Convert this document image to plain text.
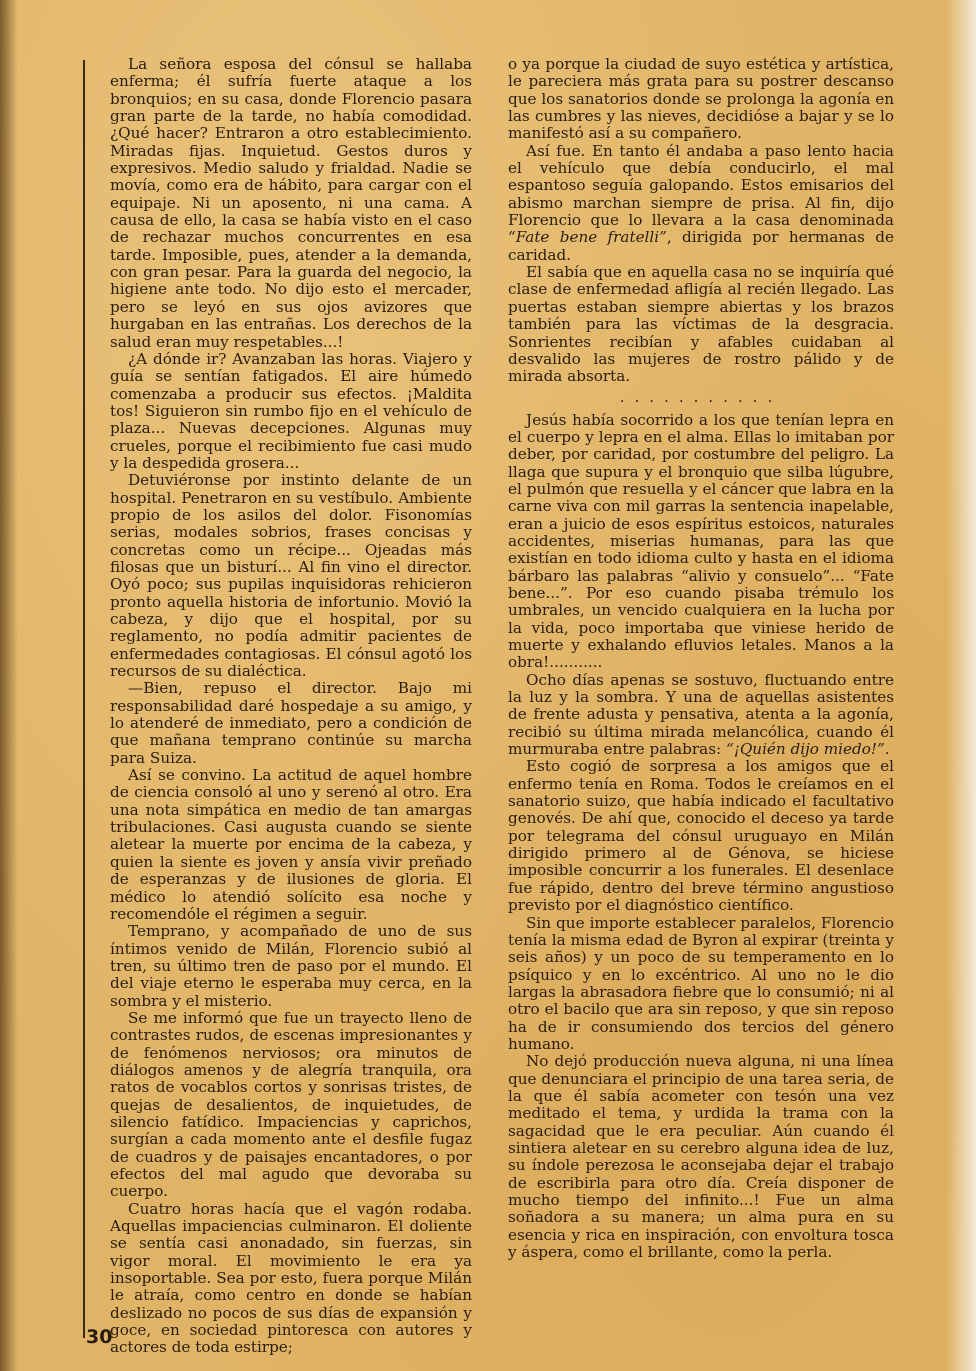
La señora esposa del cónsul se hallaba enferma; él sufría fuerte ataque a los bronquios; en su casa, donde Florencio pasara gran parte de la tarde, no había comodidad. ¿Qué hacer? Entraron a otro establecimiento. Miradas fijas. Inquietud. Gestos duros y expresivos. Medio saludo y frialdad. Nadie se movía, como era de hábito, para cargar con el equipaje. Ni un aposento, ni una cama. A causa de ello, la casa se había visto en el caso de rechazar muchos concurrentes en esa tarde. Imposible, pues, atender a la demanda, con gran pesar. Para la guarda del negocio, la higiene ante todo. No dijo esto el mercader, pero se leyó en sus ojos avizores que hurgaban en las entrañas. Los derechos de la salud eran muy respetables...!

¿A dónde ir? Avanzaban las horas. Viajero y guía se sentían fatigados. El aire húmedo comenzaba a producir sus efectos. ¡Maldita tos! Siguieron sin rumbo fijo en el vehículo de plaza... Nuevas decepciones. Algunas muy crueles, porque el recibimiento fue casi mudo y la despedida grosera...

Detuviéronse por instinto delante de un hospital. Penetraron en su vestíbulo. Ambiente propio de los asilos del dolor. Fisonomías serias, modales sobrios, frases concisas y concretas como un récipe... Ojeadas más filosas que un bisturí... Al fin vino el director. Oyó poco; sus pupilas inquisidoras rehicieron pronto aquella historia de infortunio. Movió la cabeza, y dijo que el hospital, por su reglamento, no podía admitir pacientes de enfermedades contagiosas. El cónsul agotó los recursos de su dialéctica.

—Bien, repuso el director. Bajo mi responsabilidad daré hospedaje a su amigo, y lo atenderé de inmediato, pero a condición de que mañana temprano continúe su marcha para Suiza.

Así se convino. La actitud de aquel hombre de ciencia consoló al uno y serenó al otro. Era una nota simpática en medio de tan amargas tribulaciones. Casi augusta cuando se siente aletear la muerte por encima de la cabeza, y quien la siente es joven y ansía vivir preñado de esperanzas y de ilusiones de gloria. El médico lo atendió solícito esa noche y recomendóle el régimen a seguir.

Temprano, y acompañado de uno de sus íntimos venido de Milán, Florencio subió al tren, su último tren de paso por el mundo. El del viaje eterno le esperaba muy cerca, en la sombra y el misterio.

Se me informó que fue un trayecto lleno de contrastes rudos, de escenas impresionantes y de fenómenos nerviosos; ora minutos de diálogos amenos y de alegría tranquila, ora ratos de vocablos cortos y sonrisas tristes, de quejas de desalientos, de inquietudes, de silencio fatídico. Impaciencias y caprichos, surgían a cada momento ante el desfile fugaz de cuadros y de paisajes encantadores, o por efectos del mal agudo que devoraba su cuerpo.

Cuatro horas hacía que el vagón rodaba. Aquellas impaciencias culminaron. El doliente se sentía casi anonadado, sin fuerzas, sin vigor moral. El movimiento le era ya insoportable. Sea por esto, fuera porque Milán le atraía, como centro en donde se habían deslizado no pocos de sus días de expansión y goce, en sociedad pintoresca con autores y actores de toda estirpe;

o ya porque la ciudad de suyo estética y artística, le pareciera más grata para su postrer descanso que los sanatorios donde se prolonga la agonía en las cumbres y las nieves, decidióse a bajar y se lo manifestó así a su compañero.

Así fue. En tanto él andaba a paso lento hacia el vehículo que debía conducirlo, el mal espantoso seguía galopando. Estos emisarios del abismo marchan siempre de prisa. Al fin, dijo Florencio que lo llevara a la casa denominada “Fate bene fratelli”, dirigida por hermanas de caridad.

El sabía que en aquella casa no se inquiría qué clase de enfermedad afligía al recién llegado. Las puertas estaban siempre abiertas y los brazos también para las víctimas de la desgracia. Sonrientes recibían y afables cuidaban al desvalido las mujeres de rostro pálido y de mirada absorta.

...........

Jesús había socorrido a los que tenían lepra en el cuerpo y lepra en el alma. Ellas lo imitaban por deber, por caridad, por costumbre del peligro. La llaga que supura y el bronquio que silba lúgubre, el pulmón que resuella y el cáncer que labra en la carne viva con mil garras la sentencia inapelable, eran a juicio de esos espíritus estoicos, naturales accidentes, miserias humanas, para las que existían en todo idioma culto y hasta en el idioma bárbaro las palabras “alivio y consuelo”... “Fate bene...”. Por eso cuando pisaba trémulo los umbrales, un vencido cualquiera en la lucha por la vida, poco importaba que viniese herido de muerte y exhalando efluvios letales. Manos a la obra!...........

Ocho días apenas se sostuvo, fluctuando entre la luz y la sombra. Y una de aquellas asistentes de frente adusta y pensativa, atenta a la agonía, recibió su última mirada melancólica, cuando él murmuraba entre palabras: “¡Quién dijo miedo!”.

Esto cogió de sorpresa a los amigos que el enfermo tenía en Roma. Todos le creíamos en el sanatorio suizo, que había indicado el facultativo genovés. De ahí que, conocido el deceso ya tarde por telegrama del cónsul uruguayo en Milán dirigido primero al de Génova, se hiciese imposible concurrir a los funerales. El desenlace fue rápido, dentro del breve término angustioso previsto por el diagnóstico científico.

Sin que importe establecer paralelos, Florencio tenía la misma edad de Byron al expirar (treinta y seis años) y un poco de su temperamento en lo psíquico y en lo excéntrico. Al uno no le dio largas la abrasadora fiebre que lo consumió; ni al otro el bacilo que ara sin reposo, y que sin reposo ha de ir consumiendo dos tercios del género humano.

No dejó producción nueva alguna, ni una línea que denunciara el principio de una tarea seria, de la que él sabía acometer con tesón una vez meditado el tema, y urdida la trama con la sagacidad que le era peculiar. Aún cuando él sintiera aletear en su cerebro alguna idea de luz, su índole perezosa le aconsejaba dejar el trabajo de escribirla para otro día. Creía disponer de mucho tiempo del infinito...! Fue un alma soñadora a su manera; un alma pura en su esencia y rica en inspiración, con envoltura tosca y áspera, como el brillante, como la perla.

30
